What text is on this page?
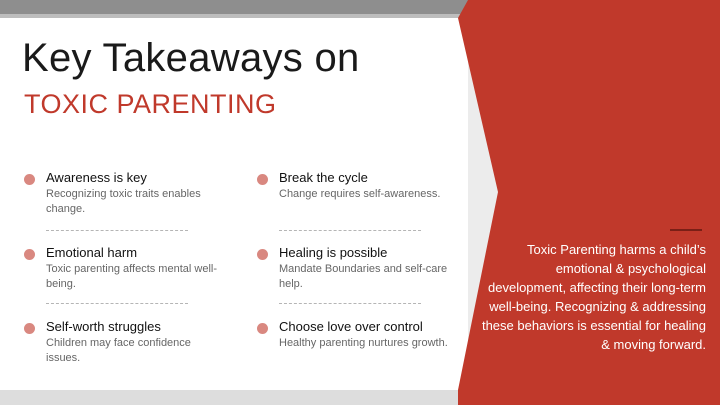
Key Takeaways on
TOXIC PARENTING
Awareness is key
Recognizing toxic traits enables change.
Emotional harm
Toxic parenting affects mental well-being.
Self-worth struggles
Children may face confidence issues.
Break the cycle
Change requires self-awareness.
Healing is possible
Mandate Boundaries and self-care help.
Choose love over control
Healthy parenting nurtures growth.
Toxic Parenting harms a child’s emotional & psychological development, affecting their long-term well-being. Recognizing & addressing these behaviors is essential for healing & moving forward.
